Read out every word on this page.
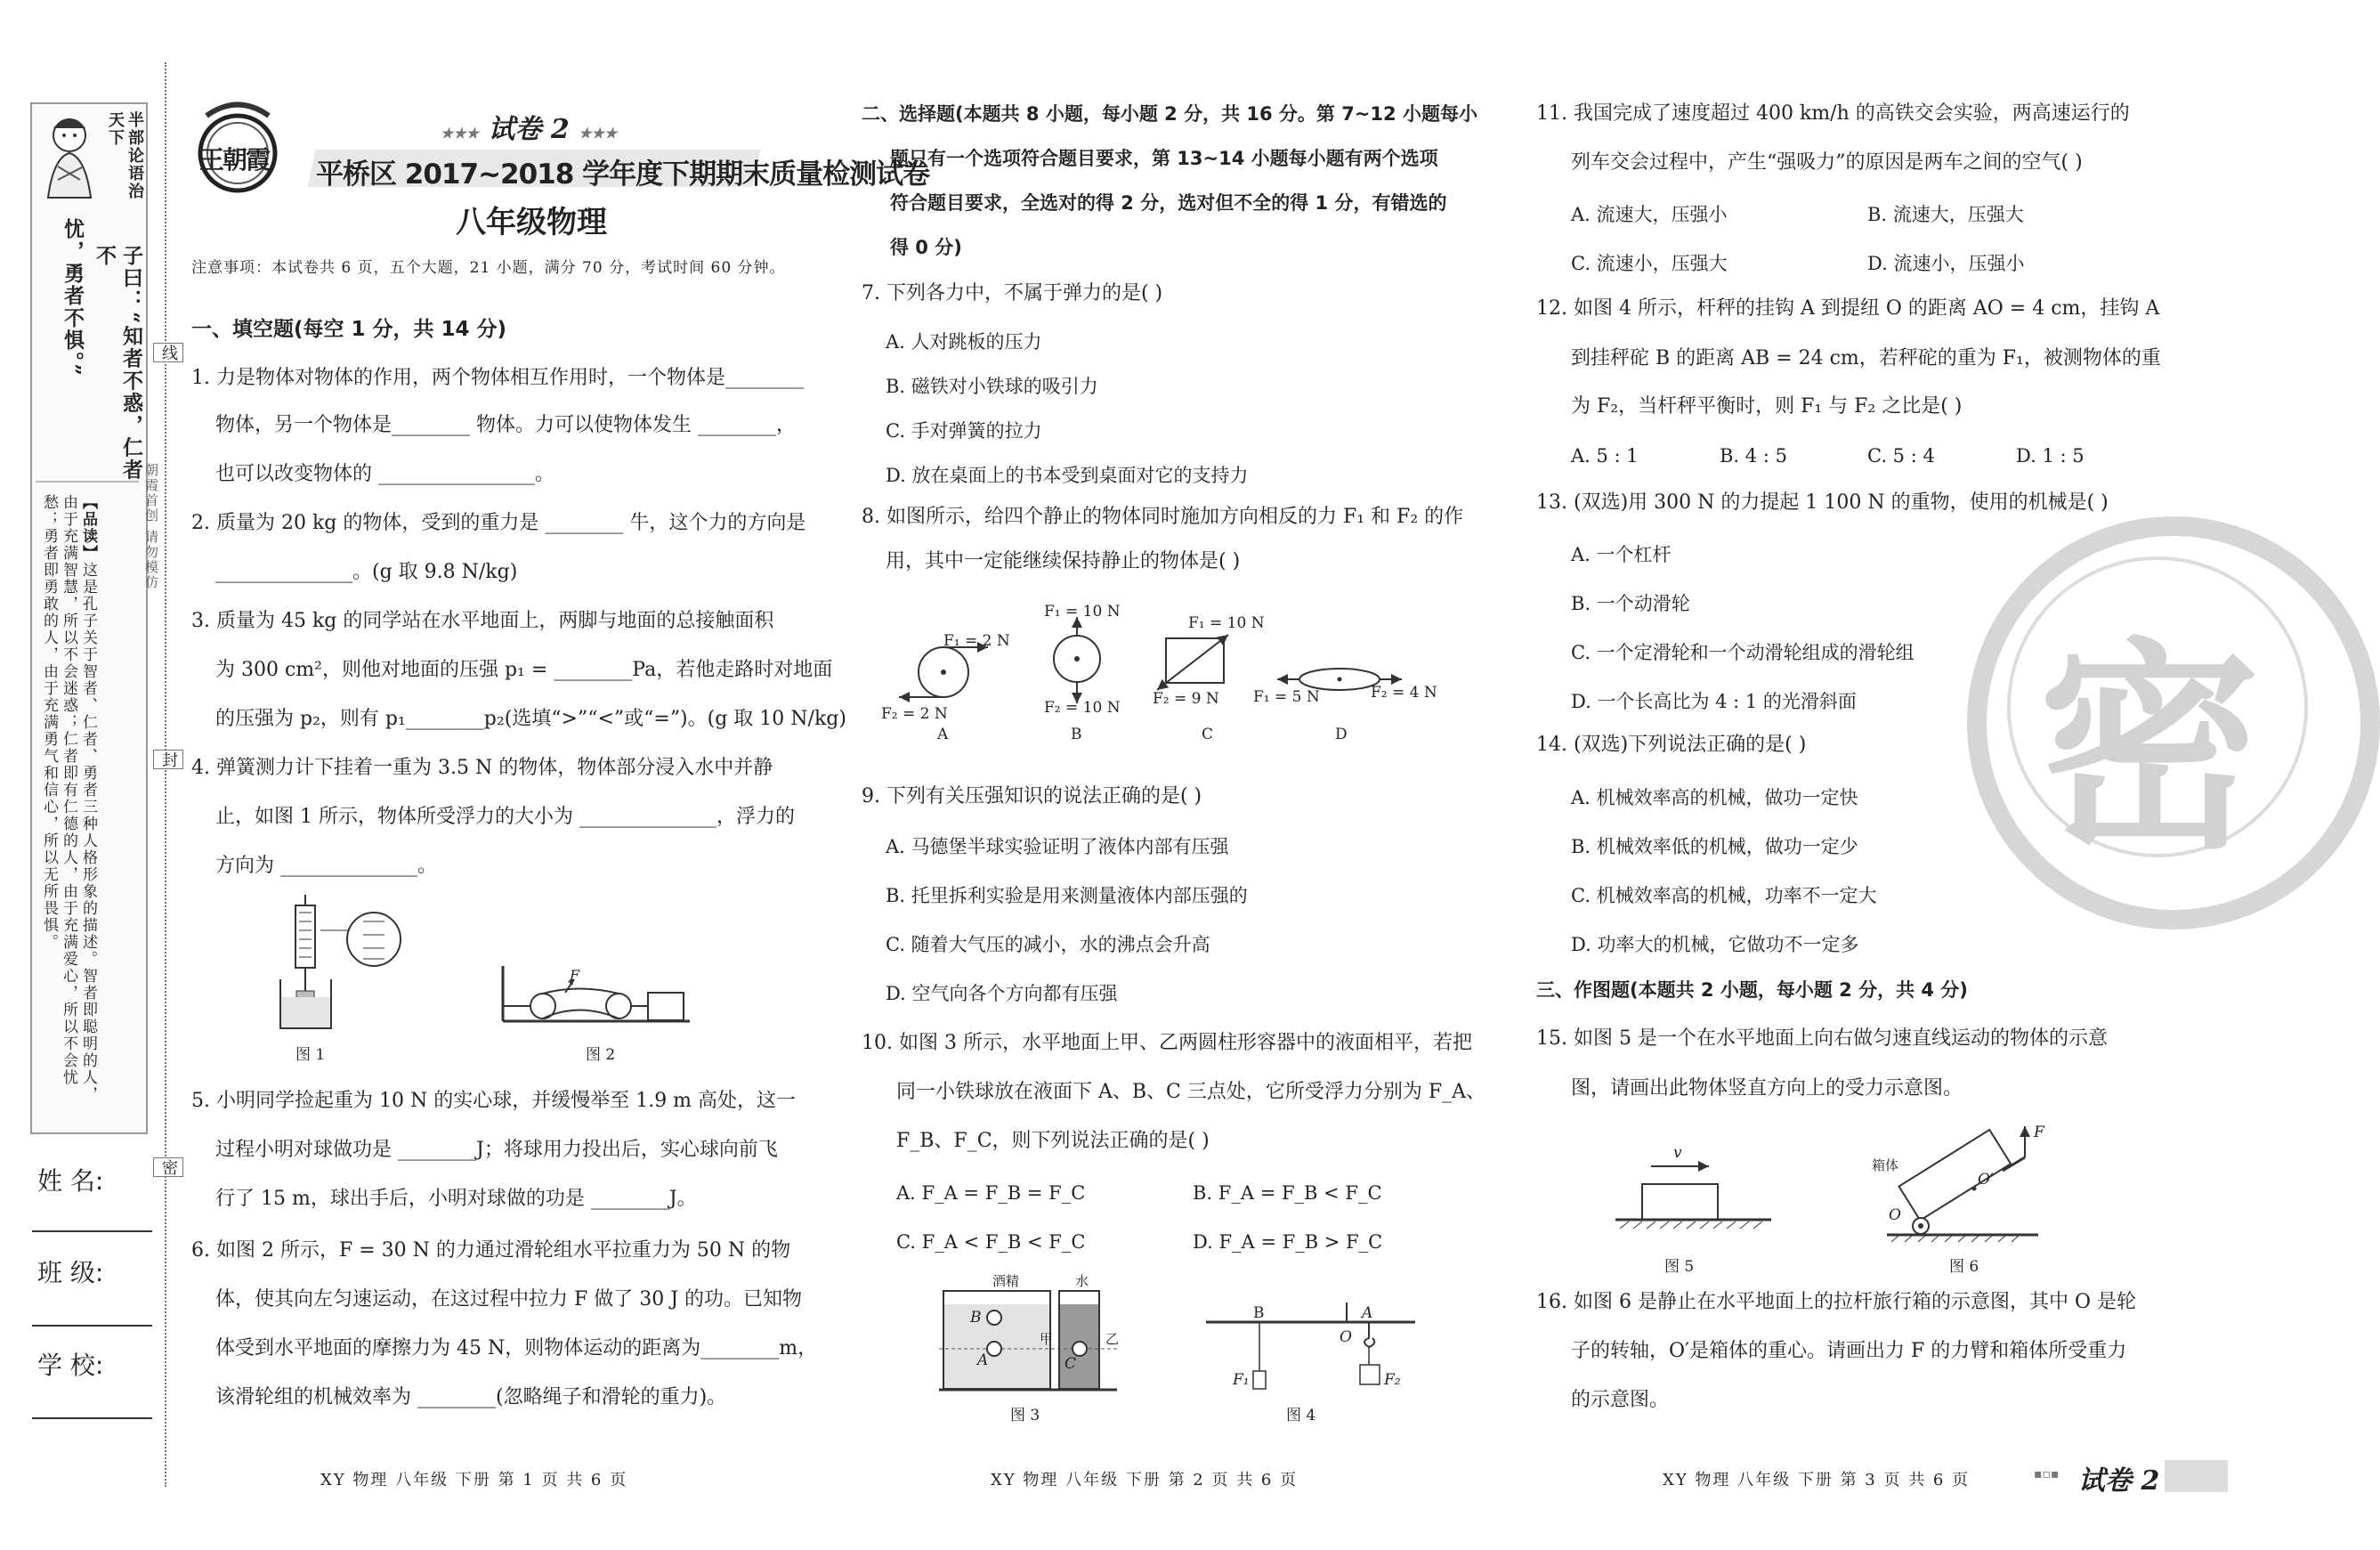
半部论语治天下
子曰：“知者不惑，仁者不
忧，勇者不惧。”
【品读】这是孔子关于智者、仁者、勇者三种人格形象的描述。智者即聪明的人，由于充满智慧，所以不会迷惑；仁者即有仁德的人，由于充满爱心，所以不会忧愁；勇者即勇敢的人，由于充满勇气和信心，所以无所畏惧。
姓 名:
班 级:
学 校:
线
朝霞首创 请勿模仿
封
密
王朝霞
★★★ 试卷 2 ★★★
平桥区 2017~2018 学年度下期期末质量检测试卷
八年级物理
注意事项：本试卷共 6 页，五个大题，21 小题，满分 70 分，考试时间 60 分钟。
一、填空题(每空 1 分，共 14 分)
1. 力是物体对物体的作用，两个物体相互作用时，一个物体是________
物体，另一个物体是________ 物体。力可以使物体发生 ________，
也可以改变物体的 ________________。
2. 质量为 20 kg 的物体，受到的重力是 ________ 牛，这个力的方向是
______________。(g 取 9.8 N/kg)
3. 质量为 45 kg 的同学站在水平地面上，两脚与地面的总接触面积
为 300 cm²，则他对地面的压强 p₁ = ________Pa，若他走路时对地面
的压强为 p₂，则有 p₁________p₂(选填“>”“<”或“=”)。(g 取 10 N/kg)
4. 弹簧测力计下挂着一重为 3.5 N 的物体，物体部分浸入水中并静
止，如图 1 所示，物体所受浮力的大小为 ______________，浮力的
方向为 ______________。
图 1
F
图 2
5. 小明同学捡起重为 10 N 的实心球，并缓慢举至 1.9 m 高处，这一
过程小明对球做功是 ________J；将球用力投出后，实心球向前飞
行了 15 m，球出手后，小明对球做的功是 ________J。
6. 如图 2 所示，F = 30 N 的力通过滑轮组水平拉重力为 50 N 的物
体，使其向左匀速运动，在这过程中拉力 F 做了 30 J 的功。已知物
体受到水平地面的摩擦力为 45 N，则物体运动的距离为________m，
该滑轮组的机械效率为 ________(忽略绳子和滑轮的重力)。
XY 物理 八年级 下册 第 1 页 共 6 页
二、选择题(本题共 8 小题，每小题 2 分，共 16 分。第 7~12 小题每小
题只有一个选项符合题目要求，第 13~14 小题每小题有两个选项
符合题目要求，全选对的得 2 分，选对但不全的得 1 分，有错选的
得 0 分)
7. 下列各力中，不属于弹力的是( )
A. 人对跳板的压力
B. 磁铁对小铁球的吸引力
C. 手对弹簧的拉力
D. 放在桌面上的书本受到桌面对它的支持力
8. 如图所示，给四个静止的物体同时施加方向相反的力 F₁ 和 F₂ 的作
用，其中一定能继续保持静止的物体是( )
F₁ = 2 N
F₂ = 2 N
A
F₁ = 10 N
F₂ = 10 N
B
F₁ = 10 N
F₂ = 9 N
C
F₁ = 5 N	F₂ = 4 N
D
9. 下列有关压强知识的说法正确的是( )
A. 马德堡半球实验证明了液体内部有压强
B. 托里拆利实验是用来测量液体内部压强的
C. 随着大气压的减小，水的沸点会升高
D. 空气向各个方向都有压强
10. 如图 3 所示，水平地面上甲、乙两圆柱形容器中的液面相平，若把
同一小铁球放在液面下 A、B、C 三点处，它所受浮力分别为 F_A、
F_B、F_C，则下列说法正确的是( )
A. F_A = F_B = F_C	B. F_A = F_B < F_C
C. F_A < F_B < F_C	D. F_A = F_B > F_C
酒精	水
B
A
甲
C
乙
图 3
B	A
O
F₁	F₂
图 4
XY 物理 八年级 下册 第 2 页 共 6 页
密
11. 我国完成了速度超过 400 km/h 的高铁交会实验，两高速运行的
列车交会过程中，产生“强吸力”的原因是两车之间的空气( )
A. 流速大，压强小	B. 流速大，压强大
C. 流速小，压强大	D. 流速小，压强小
12. 如图 4 所示，杆秤的挂钩 A 到提纽 O 的距离 AO = 4 cm，挂钩 A
到挂秤砣 B 的距离 AB = 24 cm，若秤砣的重为 F₁，被测物体的重
为 F₂，当杆秤平衡时，则 F₁ 与 F₂ 之比是( )
A. 5 : 1	B. 4 : 5	C. 5 : 4	D. 1 : 5
13. (双选)用 300 N 的力提起 1 100 N 的重物，使用的机械是( )
A. 一个杠杆
B. 一个动滑轮
C. 一个定滑轮和一个动滑轮组成的滑轮组
D. 一个长高比为 4 : 1 的光滑斜面
14. (双选)下列说法正确的是( )
A. 机械效率高的机械，做功一定快
B. 机械效率低的机械，做功一定少
C. 机械效率高的机械，功率不一定大
D. 功率大的机械，它做功不一定多
三、作图题(本题共 2 小题，每小题 2 分，共 4 分)
15. 如图 5 是一个在水平地面上向右做匀速直线运动的物体的示意
图，请画出此物体竖直方向上的受力示意图。
v
图 5
箱体
O′
O
F
图 6
16. 如图 6 是静止在水平地面上的拉杆旅行箱的示意图，其中 O 是轮
子的转轴，O′是箱体的重心。请画出力 F 的力臂和箱体所受重力
的示意图。
XY 物理 八年级 下册 第 3 页 共 6 页	▪▫▪ 试卷 2
